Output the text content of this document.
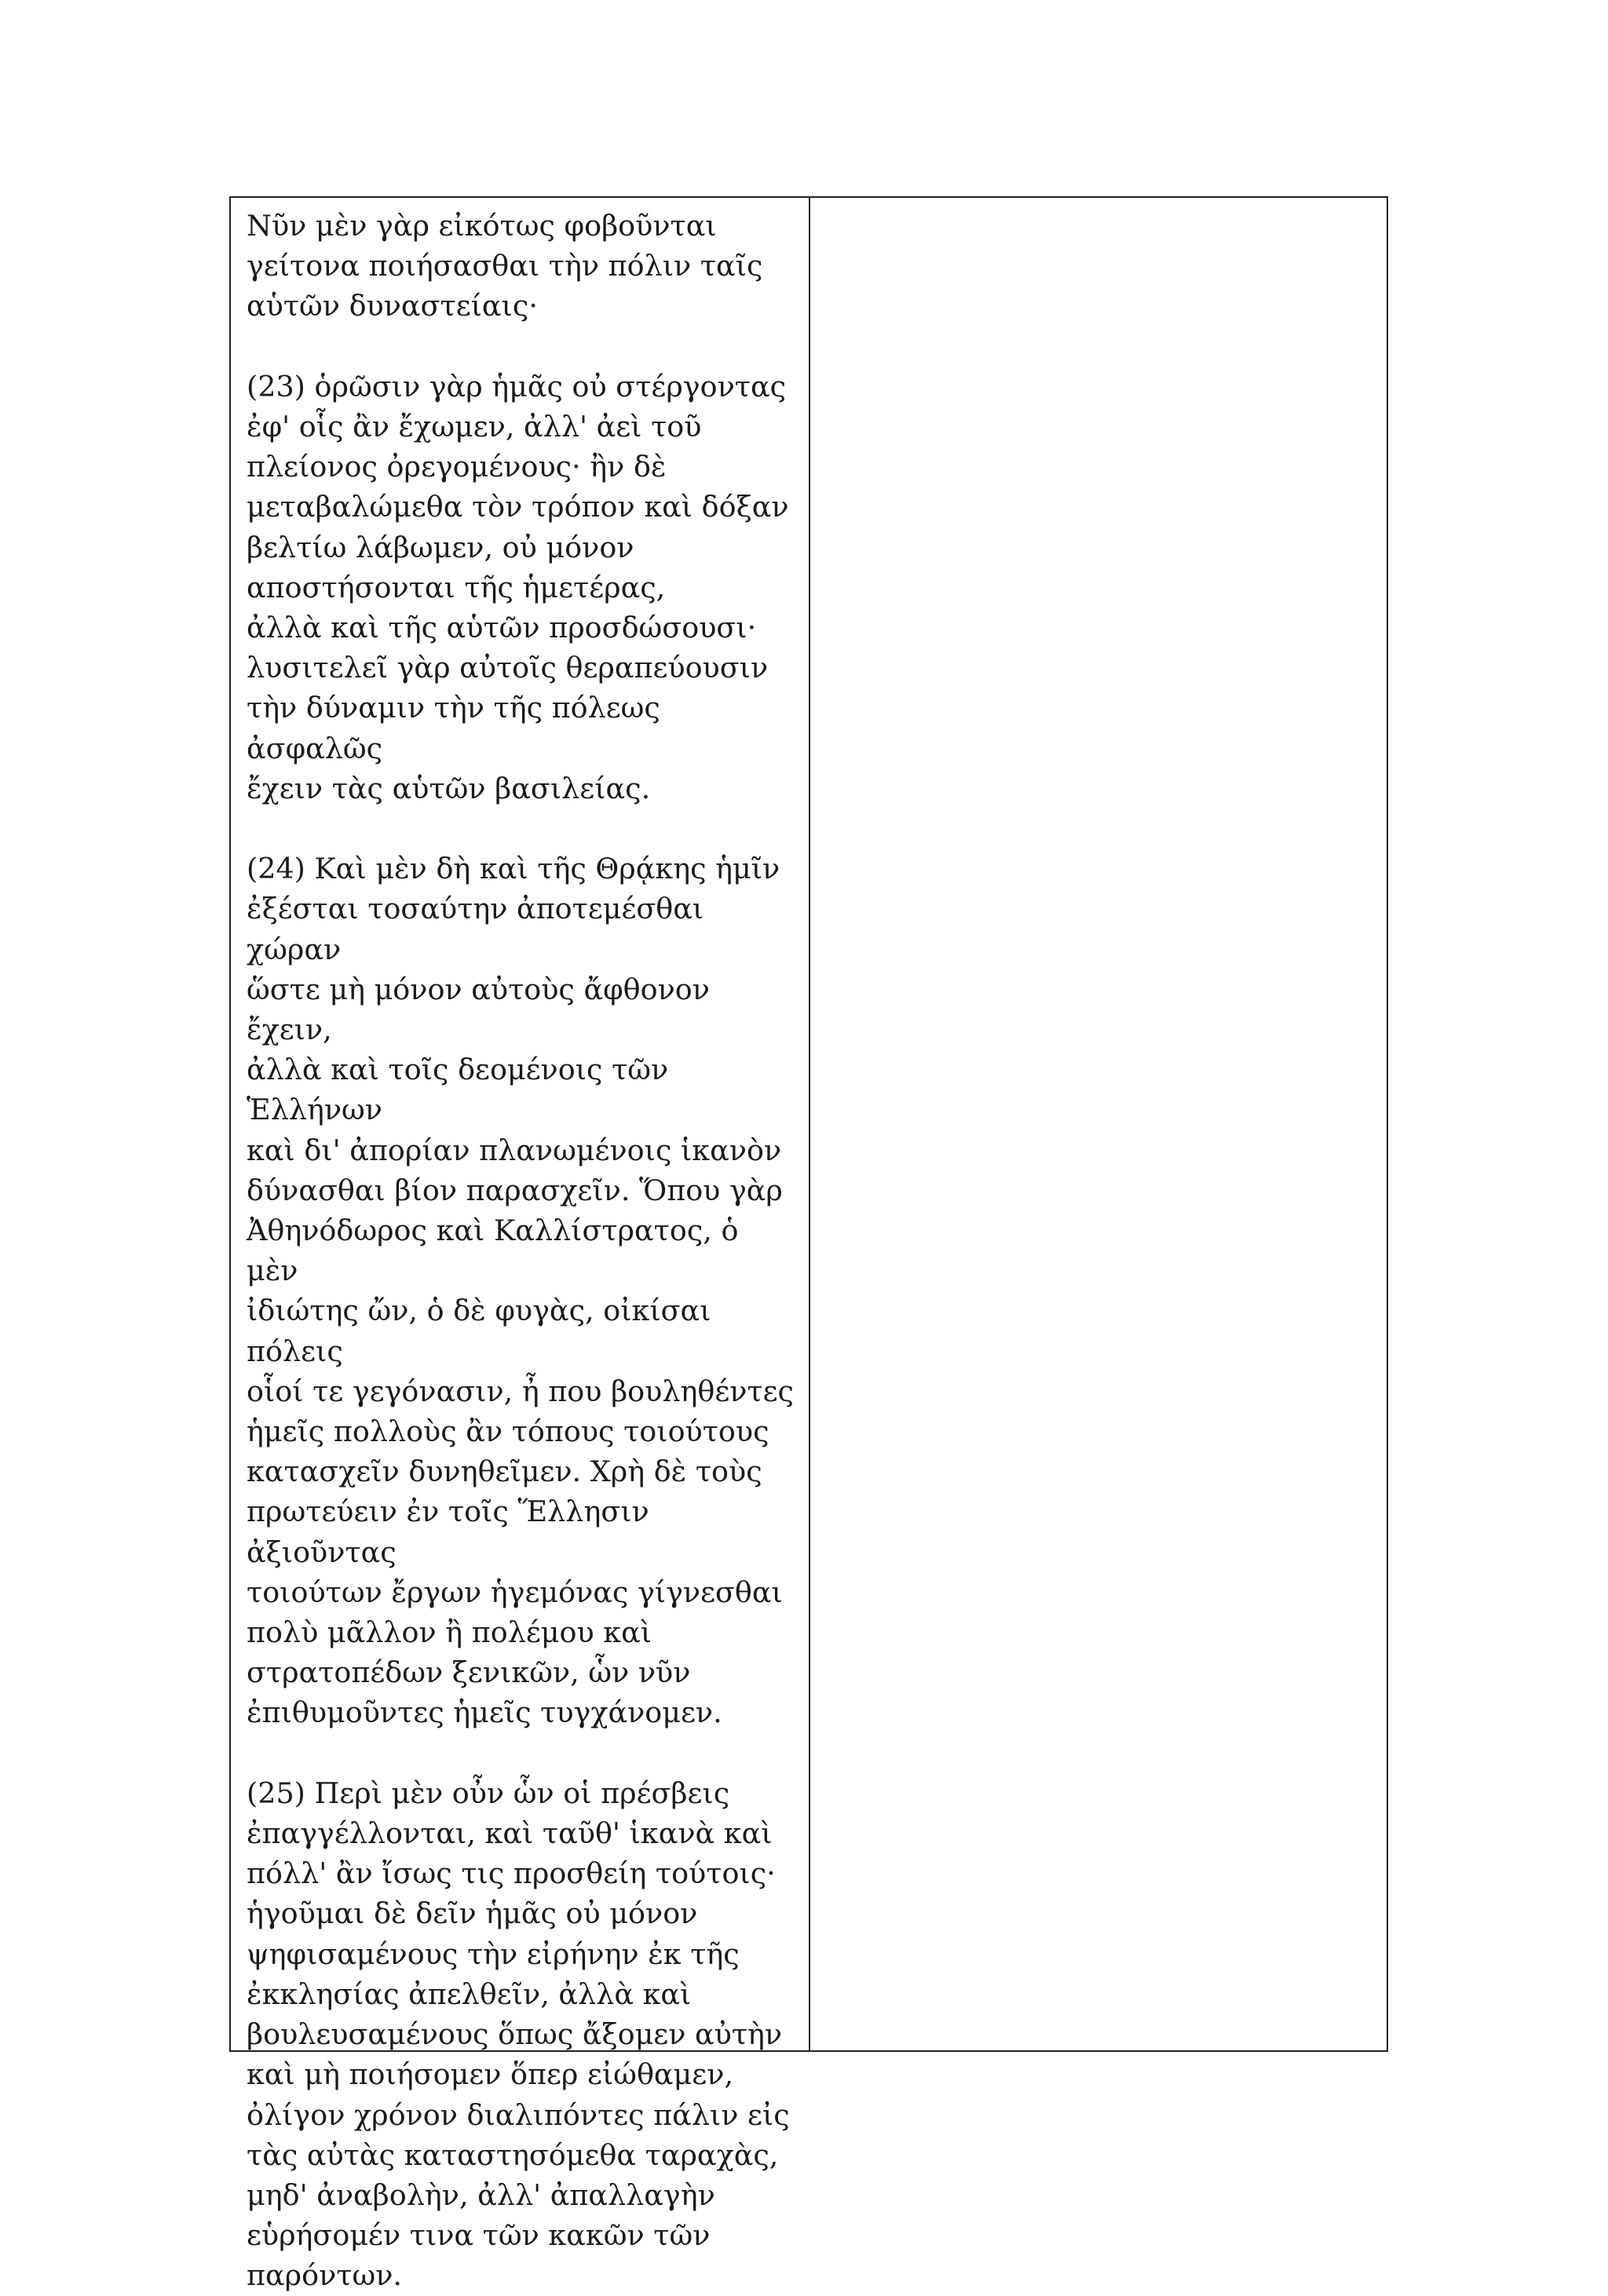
Νῦν μὲν γὰρ εἰκότως φοβοῦνται
γείτονα ποιήσασθαι τὴν πόλιν ταῖς
αὑτῶν δυναστείαις·

(23) ὁρῶσιν γὰρ ἡμᾶς οὐ στέργοντας
ἐφ' οἷς ἂν ἔχωμεν, ἀλλ' ἀεὶ τοῦ
πλείονος ὀρεγομένους· ἢν δὲ
μεταβαλώμεθα τὸν τρόπον καὶ δόξαν
βελτίω λάβωμεν, οὐ μόνον
αποστήσονται τῆς ἡμετέρας,
ἀλλὰ καὶ τῆς αὑτῶν προσδώσουσι·
λυσιτελεῖ γὰρ αὐτοῖς θεραπεύουσιν
τὴν δύναμιν τὴν τῆς πόλεως ἀσφαλῶς
ἔχειν τὰς αὑτῶν βασιλείας.

(24) Καὶ μὲν δὴ καὶ τῆς Θρᾴκης ἡμῖν
ἐξέσται τοσαύτην ἀποτεμέσθαι χώραν
ὥστε μὴ μόνον αὐτοὺς ἄφθονον ἔχειν,
ἀλλὰ καὶ τοῖς δεομένοις τῶν Ἑλλήνων
καὶ δι' ἀπορίαν πλανωμένοις ἱκανὸν
δύνασθαι βίον παρασχεῖν. Ὅπου γὰρ
Ἀθηνόδωρος καὶ Καλλίστρατος, ὁ μὲν
ἰδιώτης ὤν, ὁ δὲ φυγὰς, οἰκίσαι πόλεις
οἷοί τε γεγόνασιν, ἦ που βουληθέντες
ἡμεῖς πολλοὺς ἂν τόπους τοιούτους
κατασχεῖν δυνηθεῖμεν. Χρὴ δὲ τοὺς
πρωτεύειν ἐν τοῖς Ἕλλησιν ἀξιοῦντας
τοιούτων ἔργων ἡγεμόνας γίγνεσθαι
πολὺ μᾶλλον ἢ πολέμου καὶ
στρατοπέδων ξενικῶν, ὧν νῦν
ἐπιθυμοῦντες ἡμεῖς τυγχάνομεν.

(25) Περὶ μὲν οὖν ὧν οἱ πρέσβεις
ἐπαγγέλλονται, καὶ ταῦθ' ἱκανὰ καὶ
πόλλ' ἂν ἴσως τις προσθείη τούτοις·
ἡγοῦμαι δὲ δεῖν ἡμᾶς οὐ μόνον
ψηφισαμένους τὴν εἰρήνην ἐκ τῆς
ἐκκλησίας ἀπελθεῖν, ἀλλὰ καὶ
βουλευσαμένους ὅπως ἄξομεν αὐτὴν
καὶ μὴ ποιήσομεν ὅπερ εἰώθαμεν,
ὀλίγον χρόνον διαλιπόντες πάλιν εἰς
τὰς αὐτὰς καταστησόμεθα ταραχὰς,
μηδ' ἀναβολὴν, ἀλλ' ἀπαλλαγὴν
εὑρήσομέν τινα τῶν κακῶν τῶν
παρόντων.
